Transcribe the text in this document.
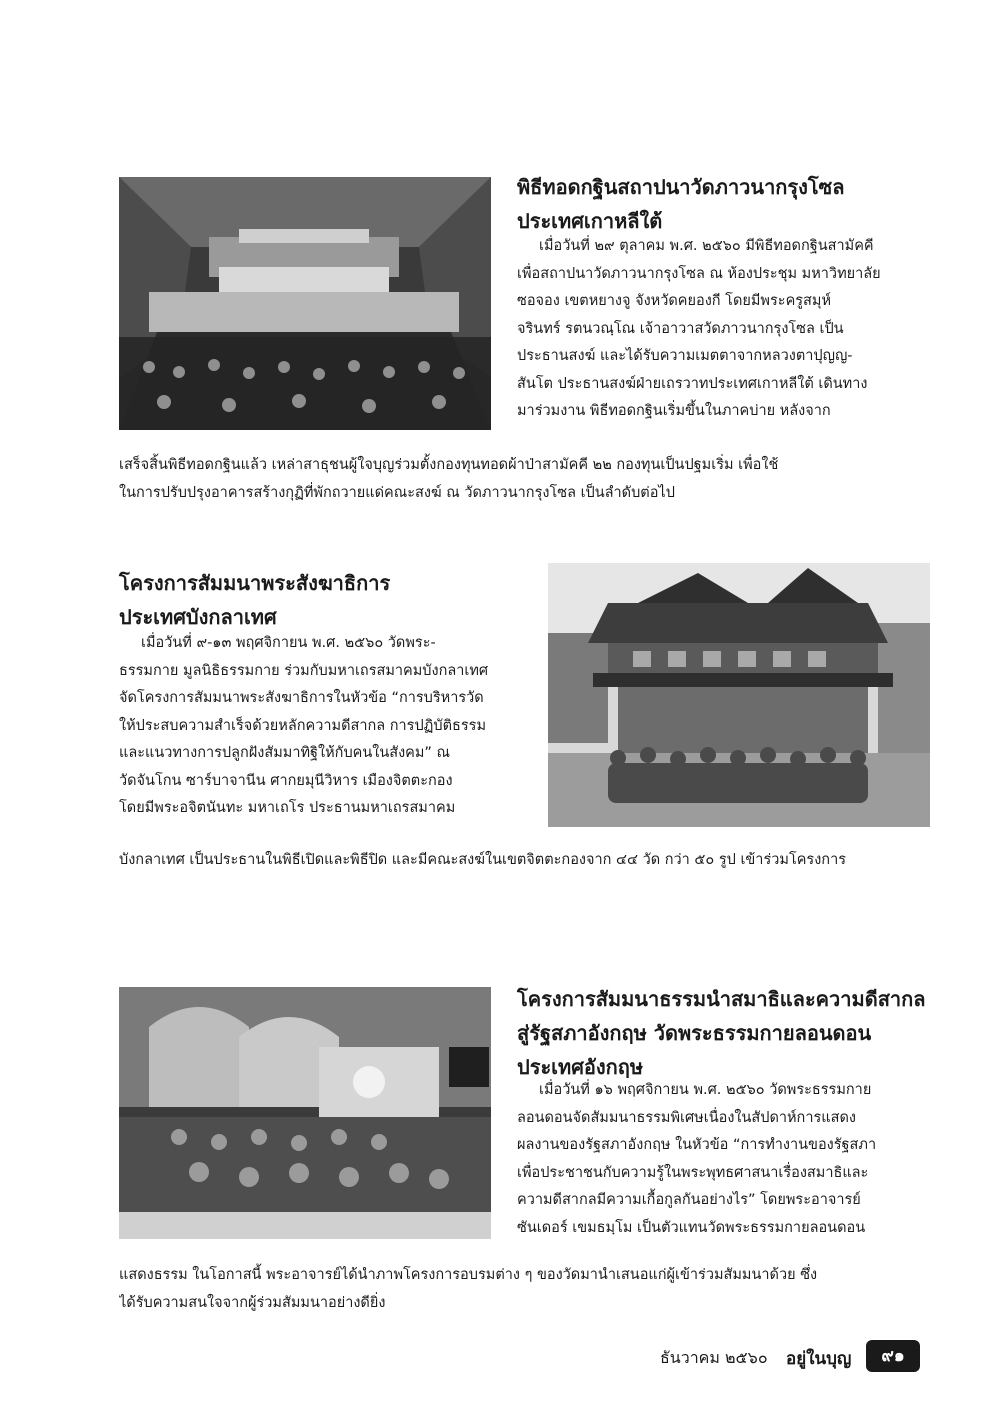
พิธีทอดกฐินสถาปนาวัดภาวนากรุงโซล
ประเทศเกาหลีใต้
เมื่อวันที่ ๒๙ ตุลาคม พ.ศ. ๒๕๖๐ มีพิธีทอดกฐินสามัคคี
เพื่อสถาปนาวัดภาวนากรุงโซล ณ ห้องประชุม มหาวิทยาลัย
ซอจอง เขตหยางจู จังหวัดคยองกี โดยมีพระครูสมุห์
จรินทร์ รตนวณฺโณ เจ้าอาวาสวัดภาวนากรุงโซล เป็น
ประธานสงฆ์ และได้รับความเมตตาจากหลวงตาปุญญ-
สันโต ประธานสงฆ์ฝ่ายเถรวาทประเทศเกาหลีใต้ เดินทาง
มาร่วมงาน พิธีทอดกฐินเริ่มขึ้นในภาคบ่าย หลังจาก
เสร็จสิ้นพิธีทอดกฐินแล้ว เหล่าสาธุชนผู้ใจบุญร่วมตั้งกองทุนทอดผ้าป่าสามัคคี ๒๒ กองทุนเป็นปฐมเริ่ม เพื่อใช้
ในการปรับปรุงอาคารสร้างกุฏิที่พักถวายแด่คณะสงฆ์ ณ วัดภาวนากรุงโซล เป็นลำดับต่อไป
โครงการสัมมนาพระสังฆาธิการ
ประเทศบังกลาเทศ
เมื่อวันที่ ๙-๑๓ พฤศจิกายน พ.ศ. ๒๕๖๐ วัดพระ-
ธรรมกาย มูลนิธิธรรมกาย ร่วมกับมหาเถรสมาคมบังกลาเทศ
จัดโครงการสัมมนาพระสังฆาธิการในหัวข้อ “การบริหารวัด
ให้ประสบความสำเร็จด้วยหลักความดีสากล การปฏิบัติธรรม
และแนวทางการปลูกฝังสัมมาทิฐิให้กับคนในสังคม” ณ
วัดจันโกน ซาร์บาจานีน ศากยมุนีวิหาร เมืองจิตตะกอง
โดยมีพระอจิตนันทะ มหาเถโร ประธานมหาเถรสมาคม
บังกลาเทศ เป็นประธานในพิธีเปิดและพิธีปิด และมีคณะสงฆ์ในเขตจิตตะกองจาก ๔๔ วัด กว่า ๕๐ รูป เข้าร่วมโครงการ
โครงการสัมมนาธรรมนำสมาธิและความดีสากล
สู่รัฐสภาอังกฤษ วัดพระธรรมกายลอนดอน
ประเทศอังกฤษ
เมื่อวันที่ ๑๖ พฤศจิกายน พ.ศ. ๒๕๖๐ วัดพระธรรมกาย
ลอนดอนจัดสัมมนาธรรมพิเศษเนื่องในสัปดาห์การแสดง
ผลงานของรัฐสภาอังกฤษ ในหัวข้อ “การทำงานของรัฐสภา
เพื่อประชาชนกับความรู้ในพระพุทธศาสนาเรื่องสมาธิและ
ความดีสากลมีความเกื้อกูลกันอย่างไร” โดยพระอาจารย์
ซันเดอร์ เขมธมฺโม เป็นตัวแทนวัดพระธรรมกายลอนดอน
แสดงธรรม ในโอกาสนี้ พระอาจารย์ได้นำภาพโครงการอบรมต่าง ๆ ของวัดมานำเสนอแก่ผู้เข้าร่วมสัมมนาด้วย ซึ่ง
ได้รับความสนใจจากผู้ร่วมสัมมนาอย่างดียิ่ง
ธันวาคม ๒๕๖๐ อยู่ในบุญ	๙๑
